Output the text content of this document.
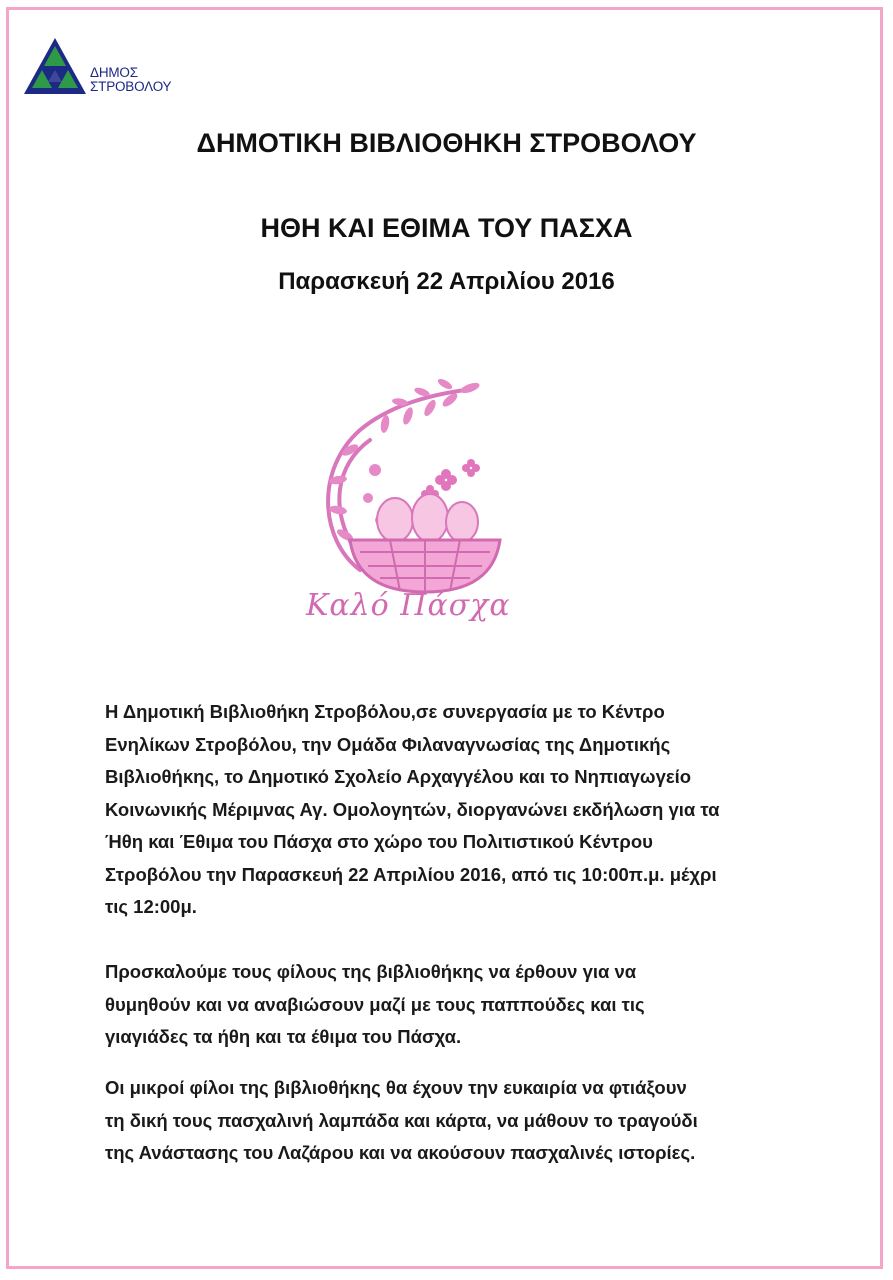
ΔΗΜΟΣ
ΣΤΡΟΒΟΛΟΥ
ΔΗΜΟΤΙΚΗ ΒΙΒΛΙΟΘΗΚΗ ΣΤΡΟΒΟΛΟΥ
ΗΘΗ ΚΑΙ ΕΘΙΜΑ ΤΟΥ ΠΑΣΧΑ
Παρασκευή 22 Απριλίου 2016
Καλό Πάσχα
Η Δημοτική Βιβλιοθήκη Στροβόλου,σε συνεργασία με το Κέντρο
Ενηλίκων Στροβόλου, την Ομάδα Φιλαναγνωσίας της Δημοτικής
Βιβλιοθήκης, το Δημοτικό Σχολείο Αρχαγγέλου και το Νηπιαγωγείο
Κοινωνικής Μέριμνας Αγ. Ομολογητών, διοργανώνει εκδήλωση για τα
Ήθη και Έθιμα του Πάσχα στο χώρο του Πολιτιστικού Κέντρου
Στροβόλου την Παρασκευή 22 Απριλίου 2016, από τις 10:00π.μ. μέχρι
τις 12:00μ.
Προσκαλούμε τους φίλους της βιβλιοθήκης να έρθουν για να
θυμηθούν και να αναβιώσουν μαζί με τους παππούδες και τις
γιαγιάδες τα ήθη και τα έθιμα του Πάσχα.
Οι μικροί φίλοι της βιβλιοθήκης θα έχουν την ευκαιρία να φτιάξουν
τη δική τους πασχαλινή λαμπάδα και κάρτα, να μάθουν το τραγούδι
της Ανάστασης του Λαζάρου και να ακούσουν πασχαλινές ιστορίες.
